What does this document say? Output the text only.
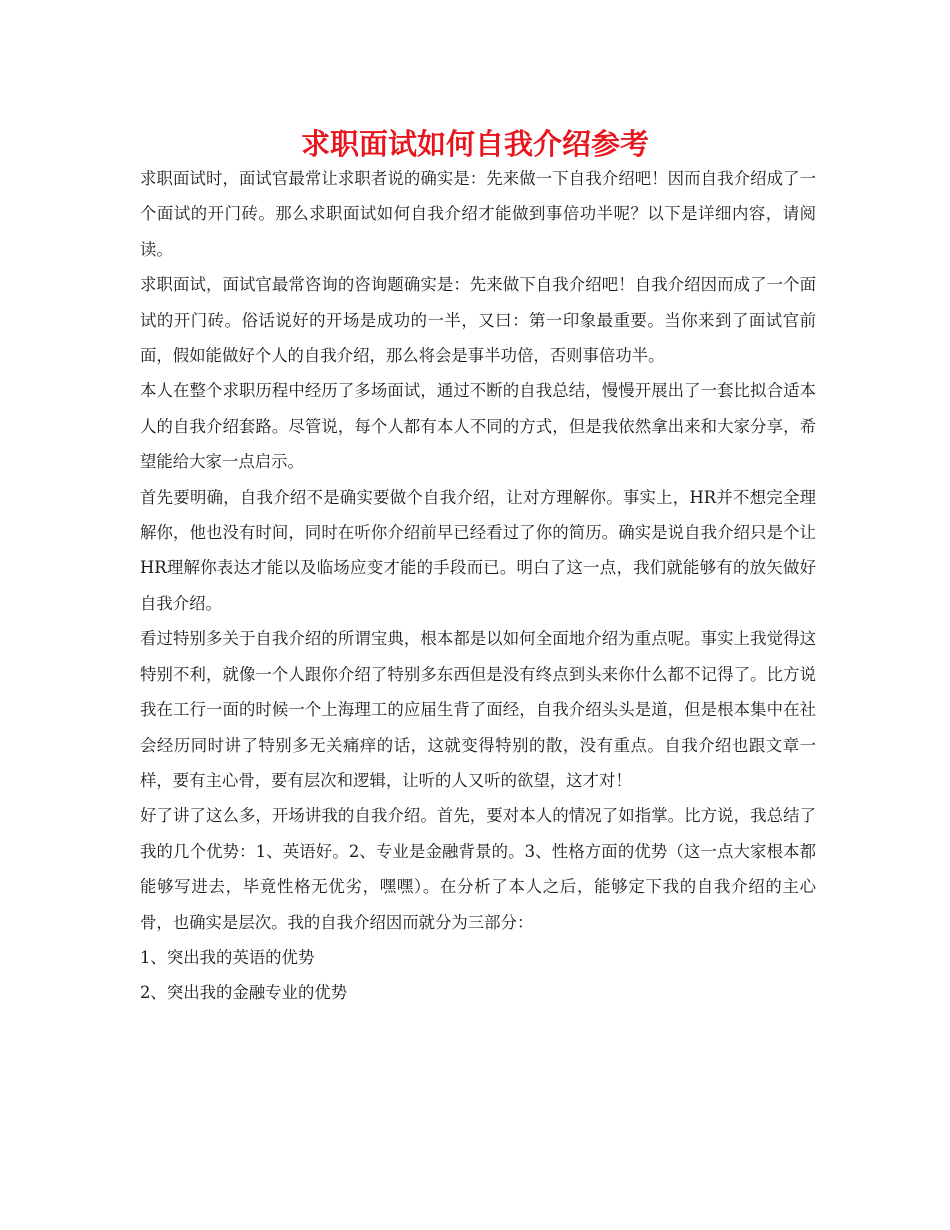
求职面试如何自我介绍参考

求职面试时，面试官最常让求职者说的确实是：先来做一下自我介绍吧！因而自我介绍成了一个面试的开门砖。那么求职面试如何自我介绍才能做到事倍功半呢？以下是详细内容，请阅读。

求职面试，面试官最常咨询的咨询题确实是：先来做下自我介绍吧！自我介绍因而成了一个面试的开门砖。俗话说好的开场是成功的一半，又曰：第一印象最重要。当你来到了面试官前面，假如能做好个人的自我介绍，那么将会是事半功倍，否则事倍功半。

本人在整个求职历程中经历了多场面试，通过不断的自我总结，慢慢开展出了一套比拟合适本人的自我介绍套路。尽管说，每个人都有本人不同的方式，但是我依然拿出来和大家分享，希望能给大家一点启示。

首先要明确，自我介绍不是确实要做个自我介绍，让对方理解你。事实上，HR并不想完全理解你，他也没有时间，同时在听你介绍前早已经看过了你的简历。确实是说自我介绍只是个让HR理解你表达才能以及临场应变才能的手段而已。明白了这一点，我们就能够有的放矢做好自我介绍。

看过特别多关于自我介绍的所谓宝典，根本都是以如何全面地介绍为重点呢。事实上我觉得这特别不利，就像一个人跟你介绍了特别多东西但是没有终点到头来你什么都不记得了。比方说我在工行一面的时候一个上海理工的应届生背了面经，自我介绍头头是道，但是根本集中在社会经历同时讲了特别多无关痛痒的话，这就变得特别的散，没有重点。自我介绍也跟文章一样，要有主心骨，要有层次和逻辑，让听的人又听的欲望，这才对！

好了讲了这么多，开场讲我的自我介绍。首先，要对本人的情况了如指掌。比方说，我总结了我的几个优势：1、英语好。2、专业是金融背景的。3、性格方面的优势（这一点大家根本都能够写进去，毕竟性格无优劣，嘿嘿）。在分析了本人之后，能够定下我的自我介绍的主心骨，也确实是层次。我的自我介绍因而就分为三部分：

1、突出我的英语的优势

2、突出我的金融专业的优势
